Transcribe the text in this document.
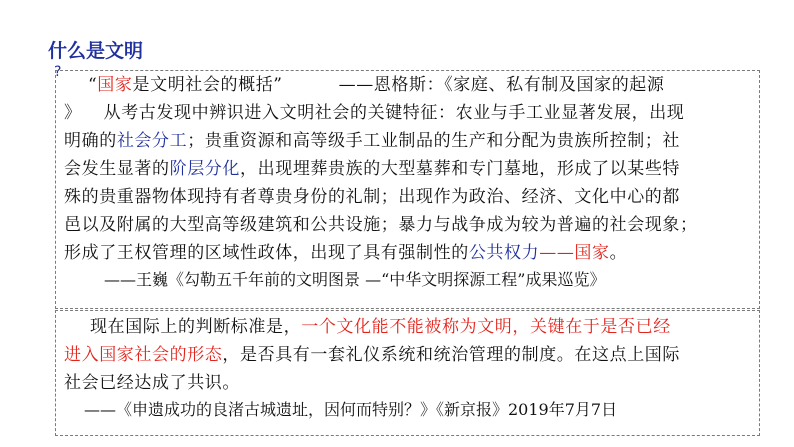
什么是文明
?
“国家是文明社会的概括”	——恩格斯：《家庭、私有制及国家的起源
》 从考古发现中辨识进入文明社会的关键特征：农业与手工业显著发展，出现
明确的社会分工；贵重资源和高等级手工业制品的生产和分配为贵族所控制；社
会发生显著的阶层分化，出现埋葬贵族的大型墓葬和专门墓地，形成了以某些特
殊的贵重器物体现持有者尊贵身份的礼制；出现作为政治、经济、文化中心的都
邑以及附属的大型高等级建筑和公共设施；暴力与战争成为较为普遍的社会现象；
形成了王权管理的区域性政体，出现了具有强制性的公共权力——国家。
——王巍《勾勒五千年前的文明图景 —“中华文明探源工程”成果巡览》
现在国际上的判断标准是，一个文化能不能被称为文明，关键在于是否已经
进入国家社会的形态，是否具有一套礼仪系统和统治管理的制度。在这点上国际
社会已经达成了共识。
——《申遗成功的良渚古城遗址，因何而特别？》《新京报》2019年7月7日
